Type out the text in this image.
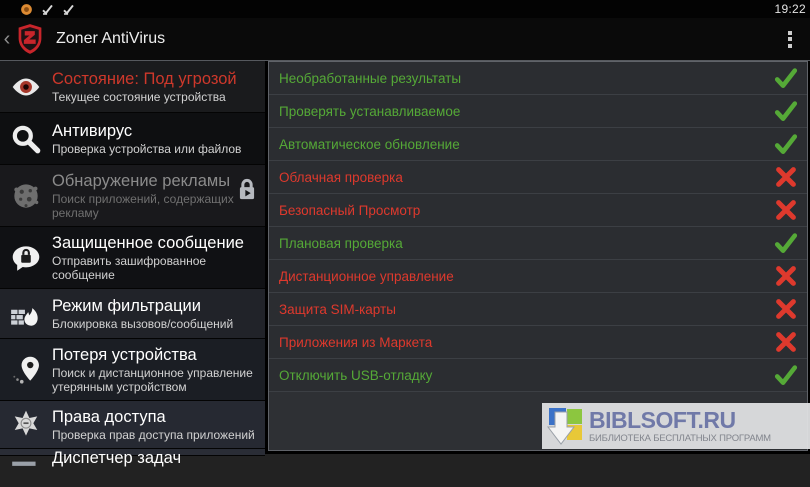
19:22
‹	Zoner AntiVirus
Состояние: Под угрозой
Текущее состояние устройства
Антивирус
Проверка устройства или файлов
Обнаружение рекламы
Поиск приложений, содержащих рекламу
Защищенное сообщение
Отправить зашифрованное сообщение
Режим фильтрации
Блокировка вызовов/сообщений
Потеря устройства
Поиск и дистанционное управление утерянным устройством
Права доступа
Проверка прав доступа приложений
Диспетчер задач
Необработанные результаты
Проверять устанавливаемое
Автоматическое обновление
Облачная проверка
Безопасный Просмотр
Плановая проверка
Дистанционное управление
Защита SIM-карты
Приложения из Маркета
Отключить USB-отладку
BIBLSOFT.RU
БИБЛИОТЕКА БЕСПЛАТНЫХ ПРОГРАММ
